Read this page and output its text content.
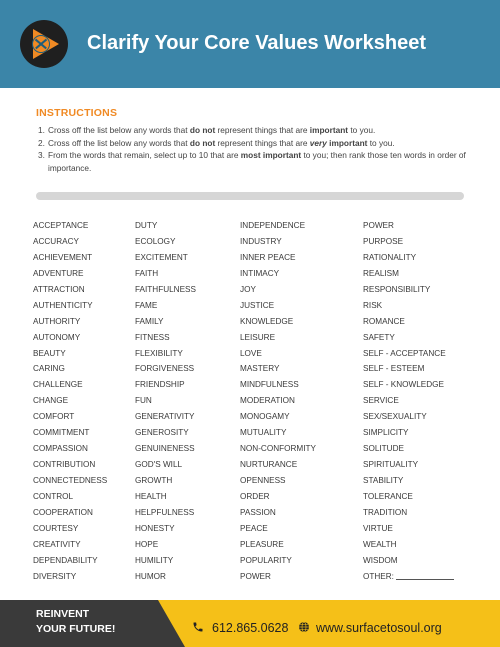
Clarify Your Core Values Worksheet
INSTRUCTIONS
1. Cross off the list below any words that do not represent things that are important to you.
2. Cross off the list below any words that do not represent things that are very important to you.
3. From the words that remain, select up to 10 that are most important to you; then rank those ten words in order of importance.
ACCEPTANCE
ACCURACY
ACHIEVEMENT
ADVENTURE
ATTRACTION
AUTHENTICITY
AUTHORITY
AUTONOMY
BEAUTY
CARING
CHALLENGE
CHANGE
COMFORT
COMMITMENT
COMPASSION
CONTRIBUTION
CONNECTEDNESS
CONTROL
COOPERATION
COURTESY
CREATIVITY
DEPENDABILITY
DIVERSITY
DUTY
ECOLOGY
EXCITEMENT
FAITH
FAITHFULNESS
FAME
FAMILY
FITNESS
FLEXIBILITY
FORGIVENESS
FRIENDSHIP
FUN
GENERATIVITY
GENEROSITY
GENUINENESS
GOD'S WILL
GROWTH
HEALTH
HELPFULNESS
HONESTY
HOPE
HUMILITY
HUMOR
INDEPENDENCE
INDUSTRY
INNER PEACE
INTIMACY
JOY
JUSTICE
KNOWLEDGE
LEISURE
LOVE
MASTERY
MINDFULNESS
MODERATION
MONOGAMY
MUTUALITY
NON-CONFORMITY
NURTURANCE
OPENNESS
ORDER
PASSION
PEACE
PLEASURE
POPULARITY
POWER
POWER
PURPOSE
RATIONALITY
REALISM
RESPONSIBILITY
RISK
ROMANCE
SAFETY
SELF - ACCEPTANCE
SELF - ESTEEM
SELF - KNOWLEDGE
SERVICE
SEX/SEXUALITY
SIMPLICITY
SOLITUDE
SPIRITUALITY
STABILITY
TOLERANCE
TRADITION
VIRTUE
WEALTH
WISDOM
OTHER:
REINVENT
YOUR FUTURE!	612.865.0628 www.surfacetosoul.org
